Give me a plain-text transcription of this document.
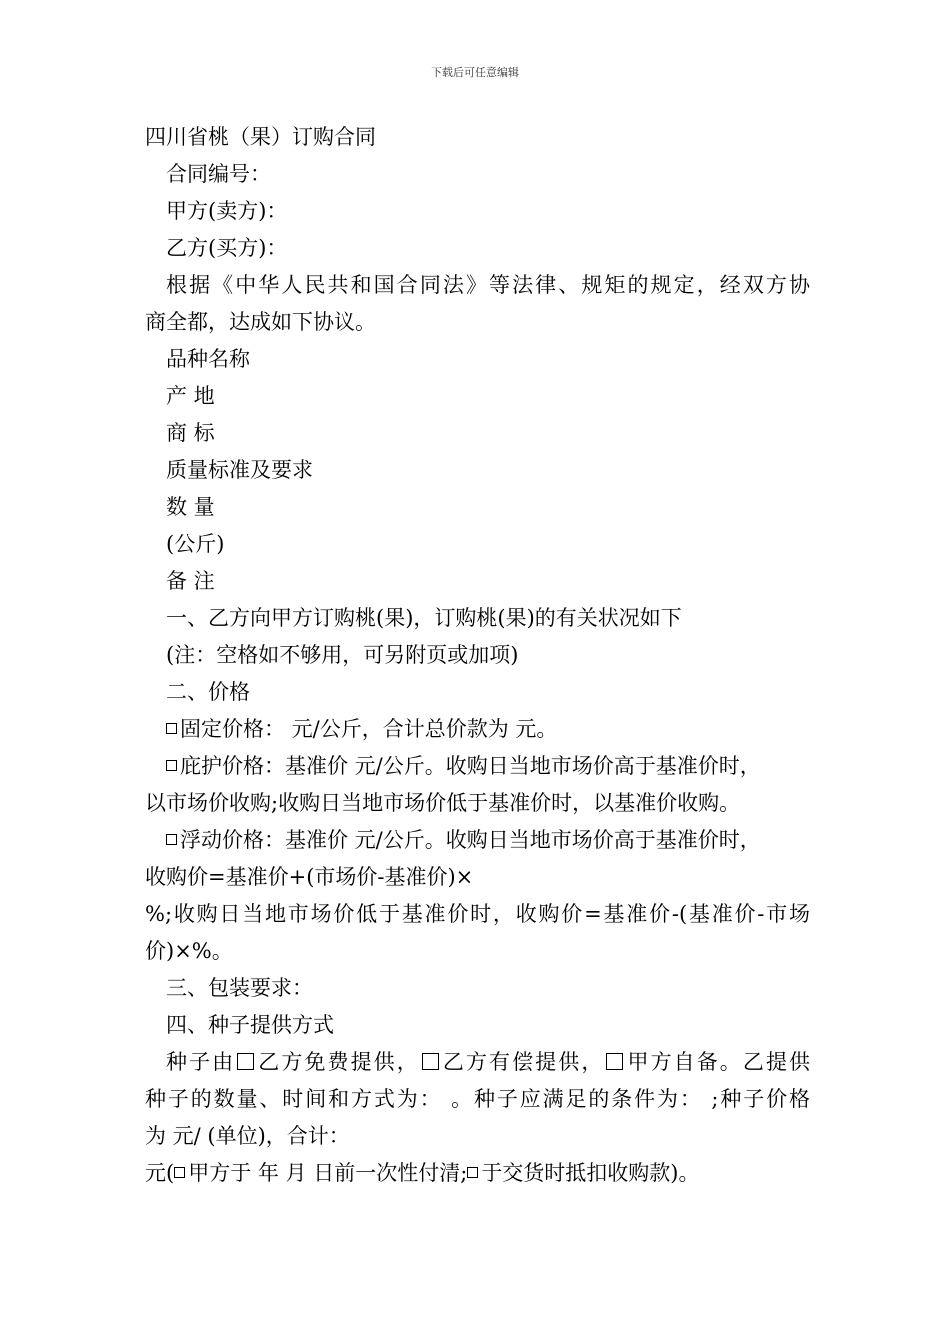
下载后可任意编辑
四川省桃（果）订购合同
合同编号：
甲方(卖方)：
乙方(买方)：
根据《中华人民共和国合同法》等法律、规矩的规定，经双方协
商全都，达成如下协议。
品种名称
产 地
商 标
质量标准及要求
数 量
(公斤)
备 注
一、乙方向甲方订购桃(果)，订购桃(果)的有关状况如下
(注：空格如不够用，可另附页或加项)
二、价格
固定价格： 元/公斤，合计总价款为 元。
庇护价格：基准价 元/公斤。收购日当地市场价高于基准价时，
以市场价收购;收购日当地市场价低于基准价时，以基准价收购。
浮动价格：基准价 元/公斤。收购日当地市场价高于基准价时，
收购价=基准价+(市场价-基准价)×
%;收购日当地市场价低于基准价时，收购价=基准价-(基准价-市场
价)×%。
三、包装要求：
四、种子提供方式
种子由 乙方免费提供， 乙方有偿提供， 甲方自备。乙提供
种子的数量、时间和方式为： 。种子应满足的条件为： ;种子价格
为 元/ (单位)，合计：
元( 甲方于 年 月 日前一次性付清; 于交货时抵扣收购款)。
